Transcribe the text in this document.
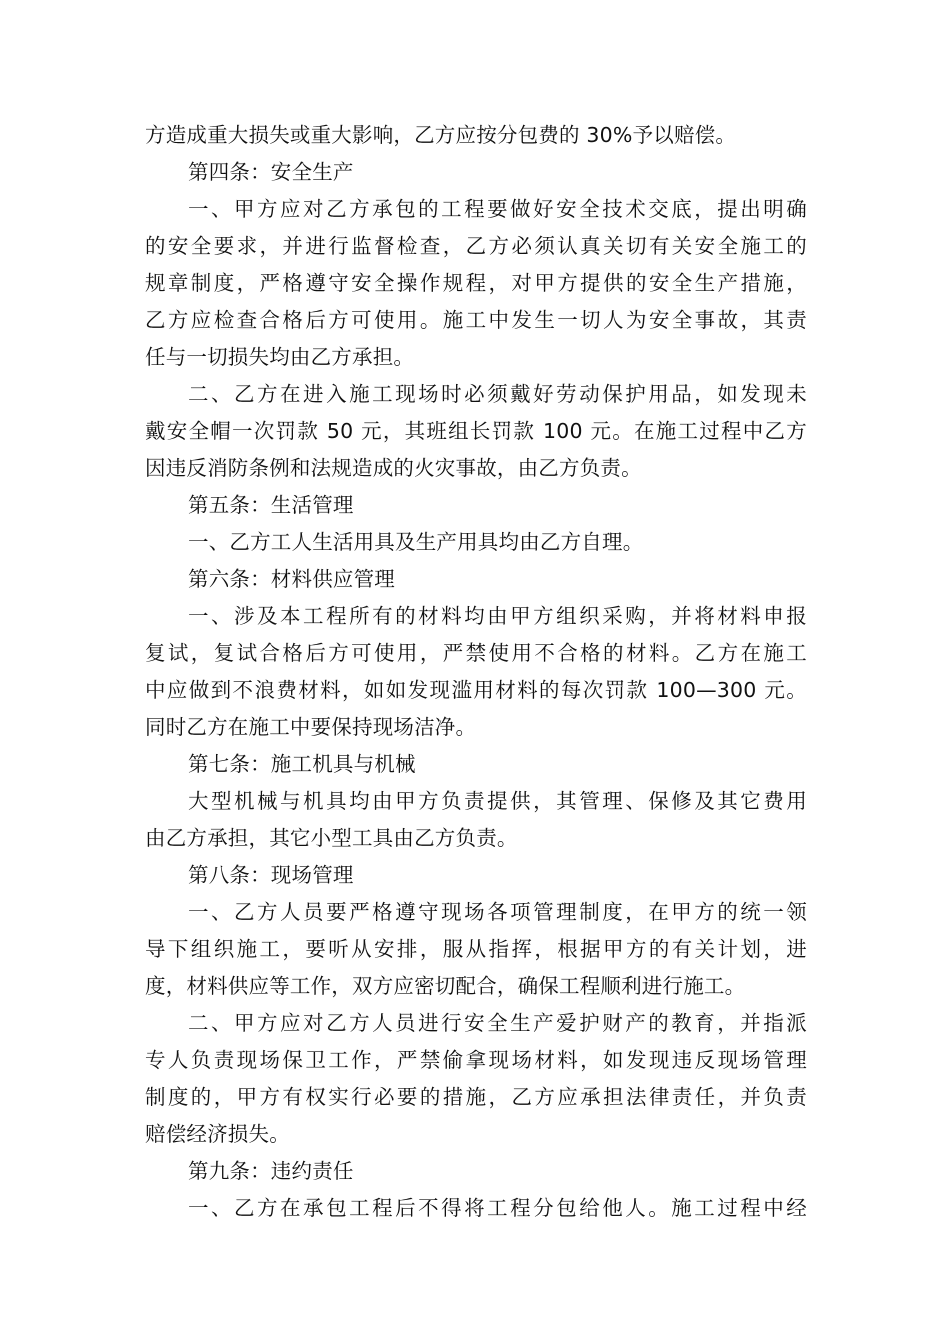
方造成重大损失或重大影响，乙方应按分包费的 30%予以赔偿。
第四条：安全生产
一、甲方应对乙方承包的工程要做好安全技术交底，提出明确
的安全要求，并进行监督检查，乙方必须认真关切有关安全施工的
规章制度，严格遵守安全操作规程，对甲方提供的安全生产措施，
乙方应检查合格后方可使用。施工中发生一切人为安全事故，其责
任与一切损失均由乙方承担。
二、乙方在进入施工现场时必须戴好劳动保护用品，如发现未
戴安全帽一次罚款 50 元，其班组长罚款 100 元。在施工过程中乙方
因违反消防条例和法规造成的火灾事故，由乙方负责。
第五条：生活管理
一、乙方工人生活用具及生产用具均由乙方自理。
第六条：材料供应管理
一、涉及本工程所有的材料均由甲方组织采购，并将材料申报
复试，复试合格后方可使用，严禁使用不合格的材料。乙方在施工
中应做到不浪费材料，如如发现滥用材料的每次罚款 100—300 元。
同时乙方在施工中要保持现场洁净。
第七条：施工机具与机械
大型机械与机具均由甲方负责提供，其管理、保修及其它费用
由乙方承担，其它小型工具由乙方负责。
第八条：现场管理
一、乙方人员要严格遵守现场各项管理制度，在甲方的统一领
导下组织施工，要听从安排，服从指挥，根据甲方的有关计划，进
度，材料供应等工作，双方应密切配合，确保工程顺利进行施工。
二、甲方应对乙方人员进行安全生产爱护财产的教育，并指派
专人负责现场保卫工作，严禁偷拿现场材料，如发现违反现场管理
制度的，甲方有权实行必要的措施，乙方应承担法律责任，并负责
赔偿经济损失。
第九条：违约责任
一、乙方在承包工程后不得将工程分包给他人。施工过程中经
